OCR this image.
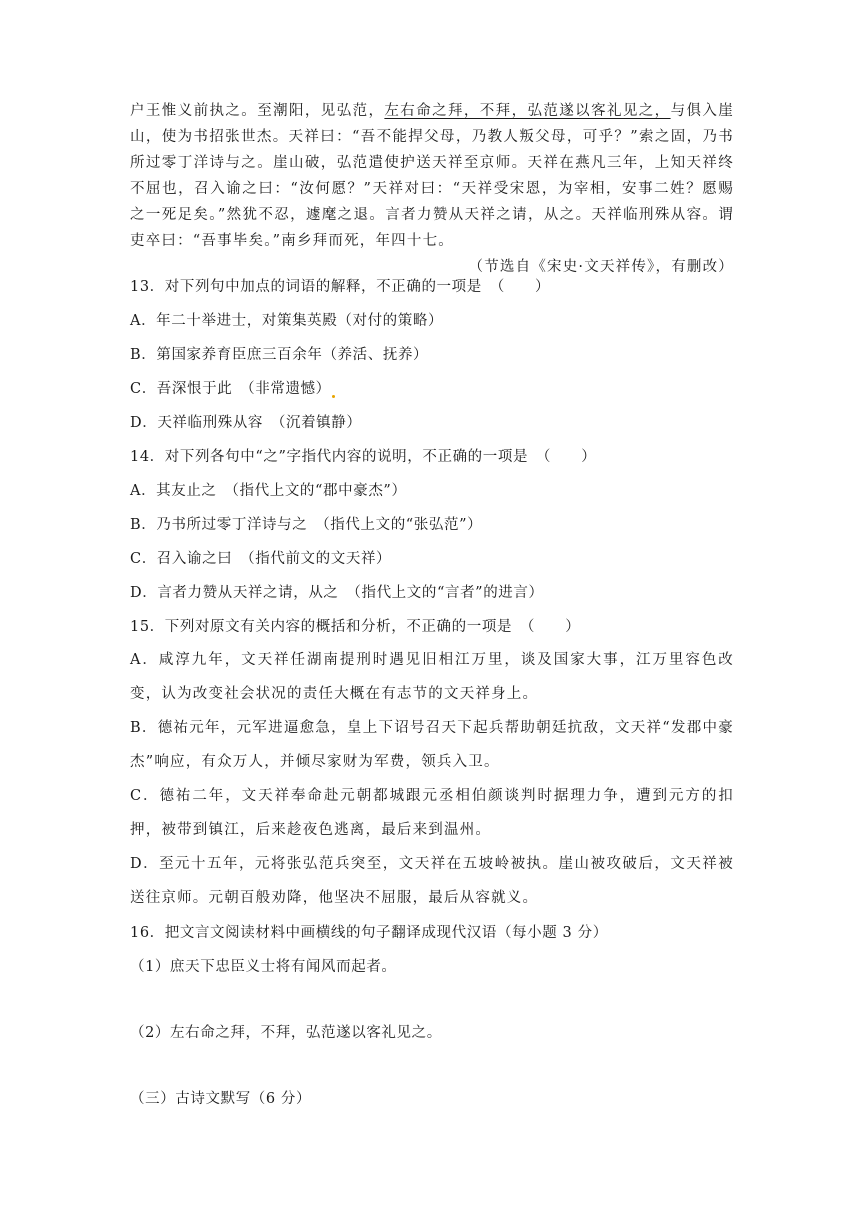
户王惟义前执之。至潮阳，见弘范，左右命之拜，不拜，弘范遂以客礼见之，与俱入崖山，使为书招张世杰。天祥曰：“吾不能捍父母，乃教人叛父母，可乎？”索之固，乃书所过零丁洋诗与之。崖山破，弘范遣使护送天祥至京师。天祥在燕凡三年，上知天祥终不屈也，召入谕之曰：“汝何愿？”天祥对曰：“天祥受宋恩，为宰相，安事二姓？愿赐之一死足矣。”然犹不忍，遽麾之退。言者力赞从天祥之请，从之。天祥临刑殊从容。谓吏卒曰：“吾事毕矣。”南乡拜而死，年四十七。

（节选自《宋史·文天祥传》，有删改）

13．对下列句中加点的词语的解释，不正确的一项是　（　　）
A．年二十举进士，对策集英殿（对付的策略）
B．第国家养育臣庶三百余年（养活、抚养）
C．吾深恨于此　（非常遗憾）
D．天祥临刑殊从容　（沉着镇静）
14．对下列各句中“之”字指代内容的说明，不正确的一项是　（　　）
A．其友止之　（指代上文的“郡中豪杰”）
B．乃书所过零丁洋诗与之　（指代上文的“张弘范”）
C．召入谕之曰　（指代前文的文天祥）
D．言者力赞从天祥之请，从之　（指代上文的“言者”的进言）
15．下列对原文有关内容的概括和分析，不正确的一项是　（　　）
A．咸淳九年，文天祥任湖南提刑时遇见旧相江万里，谈及国家大事，江万里容色改变，认为改变社会状况的责任大概在有志节的文天祥身上。
B．德祐元年，元军进逼愈急，皇上下诏号召天下起兵帮助朝廷抗敌，文天祥“发郡中豪杰”响应，有众万人，并倾尽家财为军费，领兵入卫。
C．德祐二年，文天祥奉命赴元朝都城跟元丞相伯颜谈判时据理力争，遭到元方的扣押，被带到镇江，后来趁夜色逃离，最后来到温州。
D．至元十五年，元将张弘范兵突至，文天祥在五坡岭被执。崖山被攻破后，文天祥被送往京师。元朝百般劝降，他坚决不屈服，最后从容就义。
16．把文言文阅读材料中画横线的句子翻译成现代汉语（每小题 3 分）
（1）庶天下忠臣义士将有闻风而起者。
（2）左右命之拜，不拜，弘范遂以客礼见之。
（三）古诗文默写（6 分）
